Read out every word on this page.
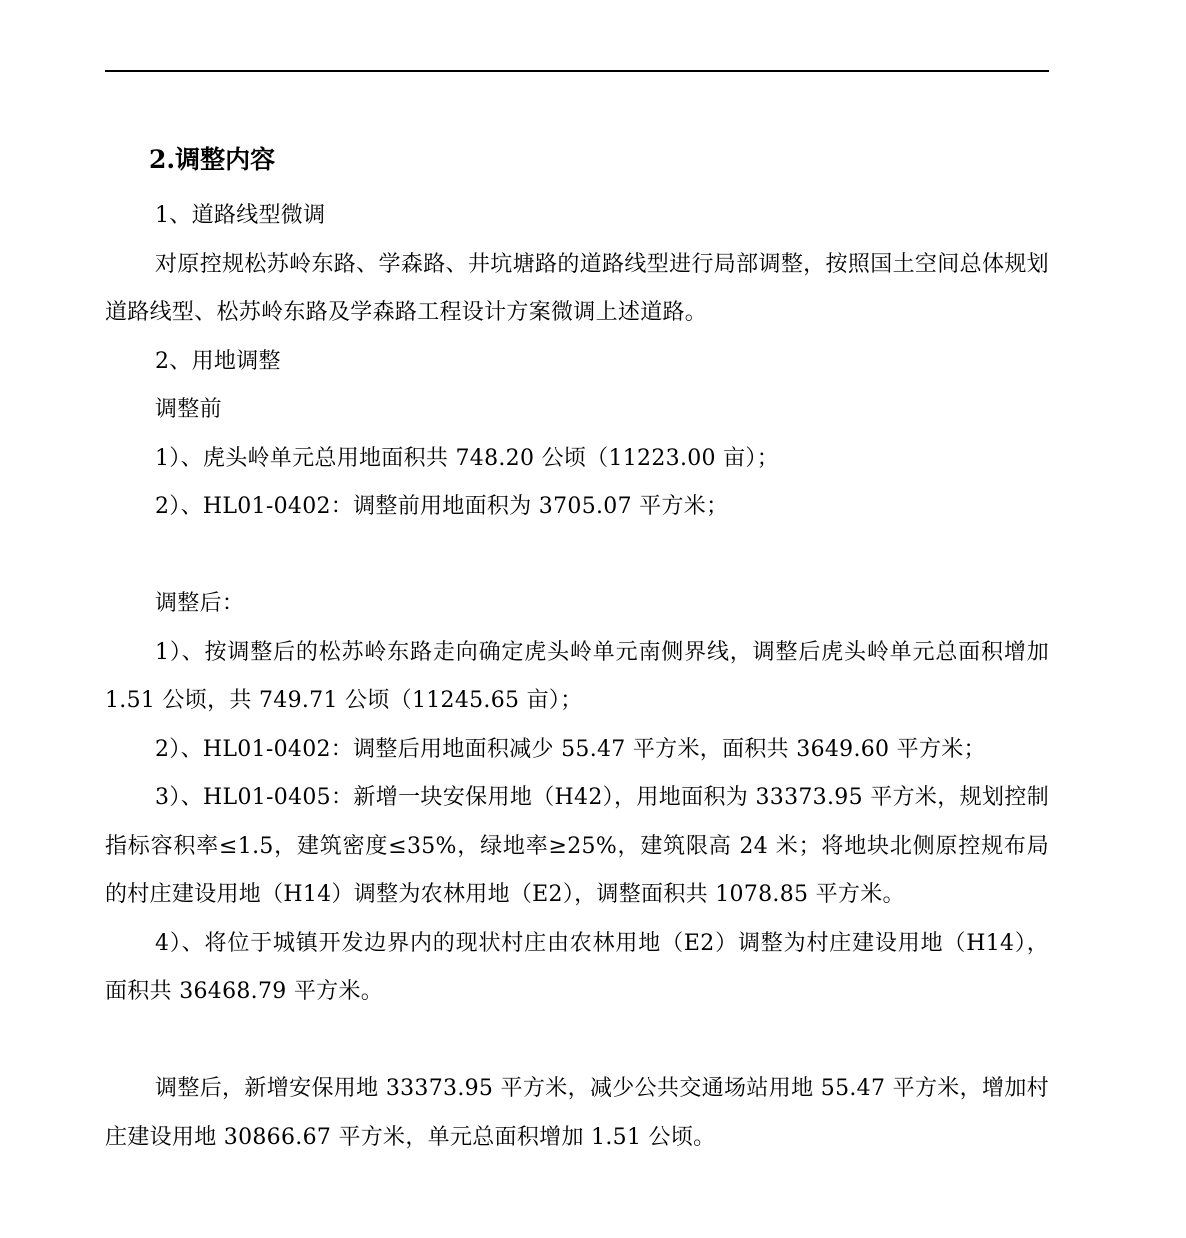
2.调整内容

1、道路线型微调

对原控规松苏岭东路、学森路、井坑塘路的道路线型进行局部调整，按照国土空间总体规划道路线型、松苏岭东路及学森路工程设计方案微调上述道路。

2、用地调整

调整前

1）、虎头岭单元总用地面积共 748.20 公顷（11223.00 亩）；

2）、HL01-0402：调整前用地面积为 3705.07 平方米；

调整后：

1）、按调整后的松苏岭东路走向确定虎头岭单元南侧界线，调整后虎头岭单元总面积增加 1.51 公顷，共 749.71 公顷（11245.65 亩）；

2）、HL01-0402：调整后用地面积减少 55.47 平方米，面积共 3649.60 平方米；

3）、HL01-0405：新增一块安保用地（H42），用地面积为 33373.95 平方米，规划控制指标容积率≤1.5，建筑密度≤35%，绿地率≥25%，建筑限高 24 米；将地块北侧原控规布局的村庄建设用地（H14）调整为农林用地（E2），调整面积共 1078.85 平方米。

4）、将位于城镇开发边界内的现状村庄由农林用地（E2）调整为村庄建设用地（H14），面积共 36468.79 平方米。

调整后，新增安保用地 33373.95 平方米，减少公共交通场站用地 55.47 平方米，增加村庄建设用地 30866.67 平方米，单元总面积增加 1.51 公顷。
